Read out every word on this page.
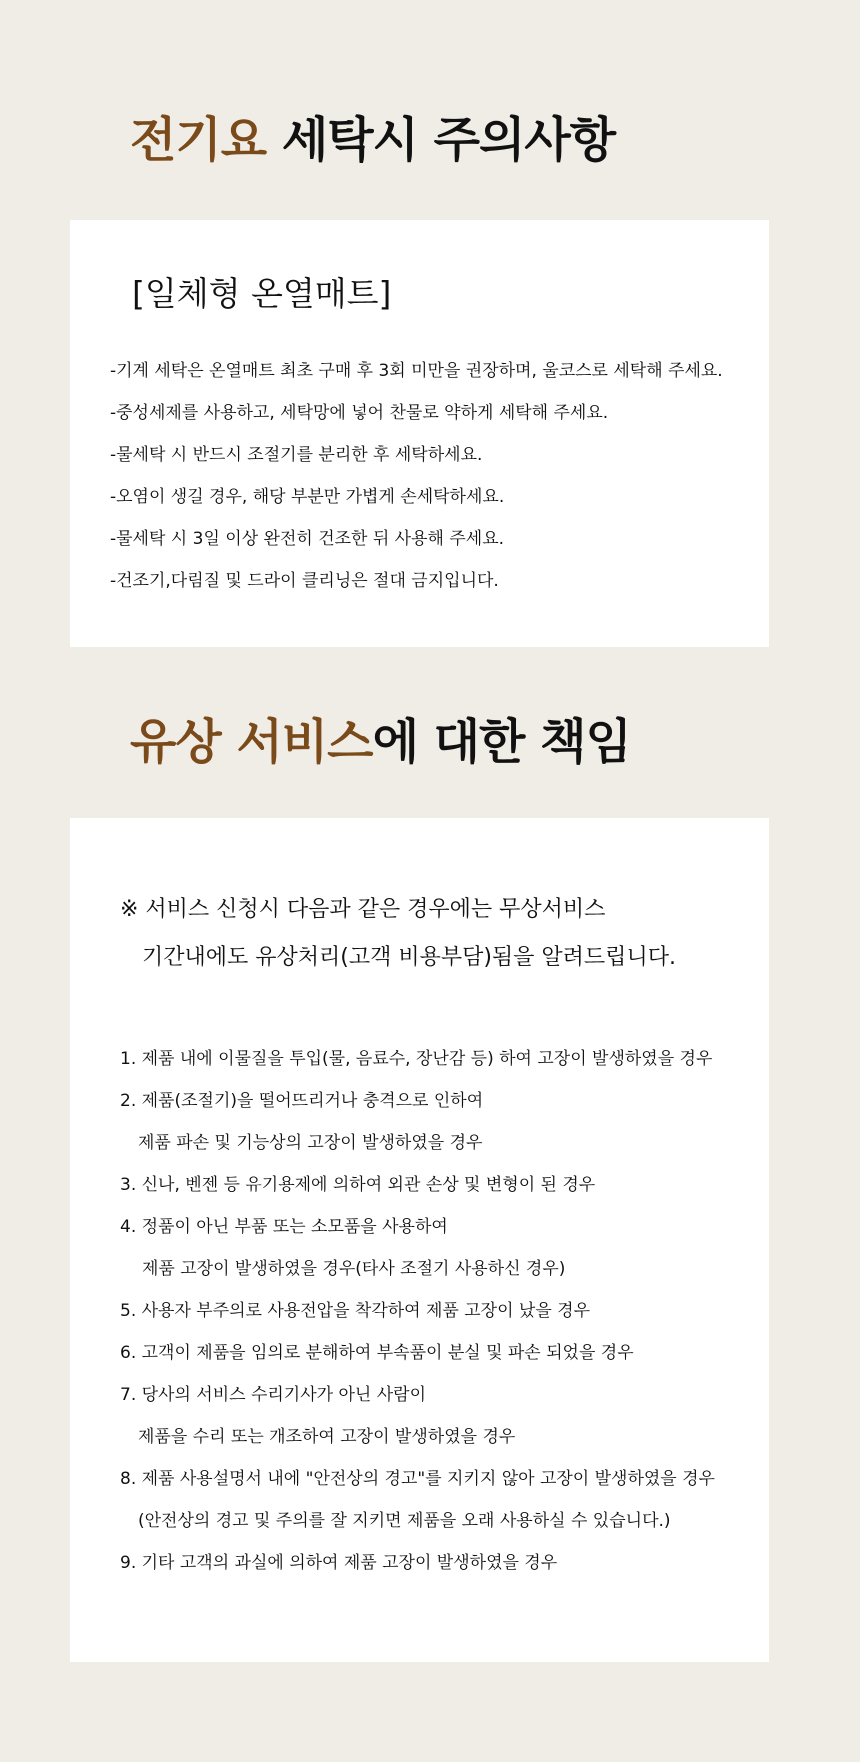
전기요 세탁시 주의사항
[일체형 온열매트]
-기계 세탁은 온열매트 최초 구매 후 3회 미만을 권장하며, 울코스로 세탁해 주세요.
-중성세제를 사용하고, 세탁망에 넣어 찬물로 약하게 세탁해 주세요.
-물세탁 시 반드시 조절기를 분리한 후 세탁하세요.
-오염이 생길 경우, 해당 부분만 가볍게 손세탁하세요.
-물세탁 시 3일 이상 완전히 건조한 뒤 사용해 주세요.
-건조기,다림질 및 드라이 클리닝은 절대 금지입니다.
유상 서비스에 대한 책임
※ 서비스 신청시 다음과 같은 경우에는 무상서비스
기간내에도 유상처리(고객 비용부담)됨을 알려드립니다.
1. 제품 내에 이물질을 투입(물, 음료수, 장난감 등) 하여 고장이 발생하였을 경우
2. 제품(조절기)을 떨어뜨리거나 충격으로 인하여
제품 파손 및 기능상의 고장이 발생하였을 경우
3. 신나, 벤젠 등 유기용제에 의하여 외관 손상 및 변형이 된 경우
4. 정품이 아닌 부품 또는 소모품을 사용하여
제품 고장이 발생하였을 경우(타사 조절기 사용하신 경우)
5. 사용자 부주의로 사용전압을 착각하여 제품 고장이 났을 경우
6. 고객이 제품을 임의로 분해하여 부속품이 분실 및 파손 되었을 경우
7. 당사의 서비스 수리기사가 아닌 사람이
제품을 수리 또는 개조하여 고장이 발생하였을 경우
8. 제품 사용설명서 내에 "안전상의 경고"를 지키지 않아 고장이 발생하였을 경우
(안전상의 경고 및 주의를 잘 지키면 제품을 오래 사용하실 수 있습니다.)
9. 기타 고객의 과실에 의하여 제품 고장이 발생하였을 경우
